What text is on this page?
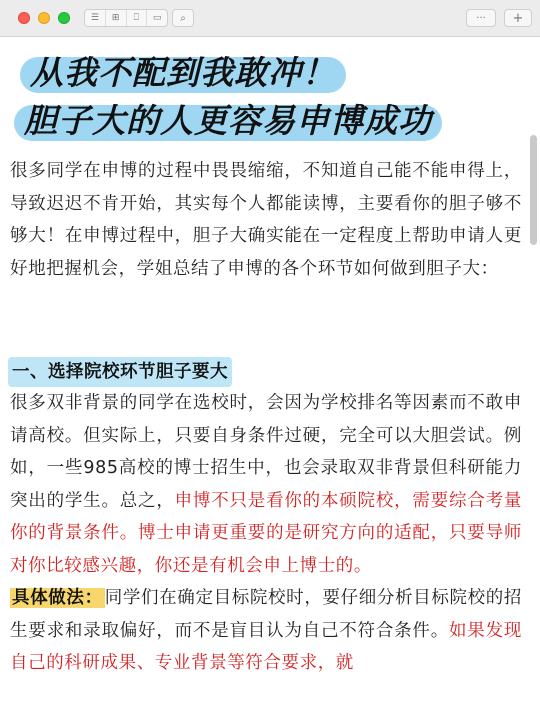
☰	⊞	⎕	▭	⌕	···	+
从我不配到我敢冲！

胆子大的人更容易申博成功
很多同学在申博的过程中畏畏缩缩，不知道自己能不能申得上，导致迟迟不肯开始，其实每个人都能读博，主要看你的胆子够不够大！在申博过程中，胆子大确实能在一定程度上帮助申请人更好地把握机会，学姐总结了申博的各个环节如何做到胆子大：
一、选择院校环节胆子要大
很多双非背景的同学在选校时，会因为学校排名等因素而不敢申请高校。但实际上，只要自身条件过硬，完全可以大胆尝试。例如，一些985高校的博士招生中，也会录取双非背景但科研能力突出的学生。总之，申博不只是看你的本硕院校，需要综合考量你的背景条件。博士申请更重要的是研究方向的适配，只要导师对你比较感兴趣，你还是有机会申上博士的。
具体做法： 同学们在确定目标院校时，要仔细分析目标院校的招生要求和录取偏好，而不是盲目认为自己不符合条件。如果发现自己的科研成果、专业背景等符合要求，就
